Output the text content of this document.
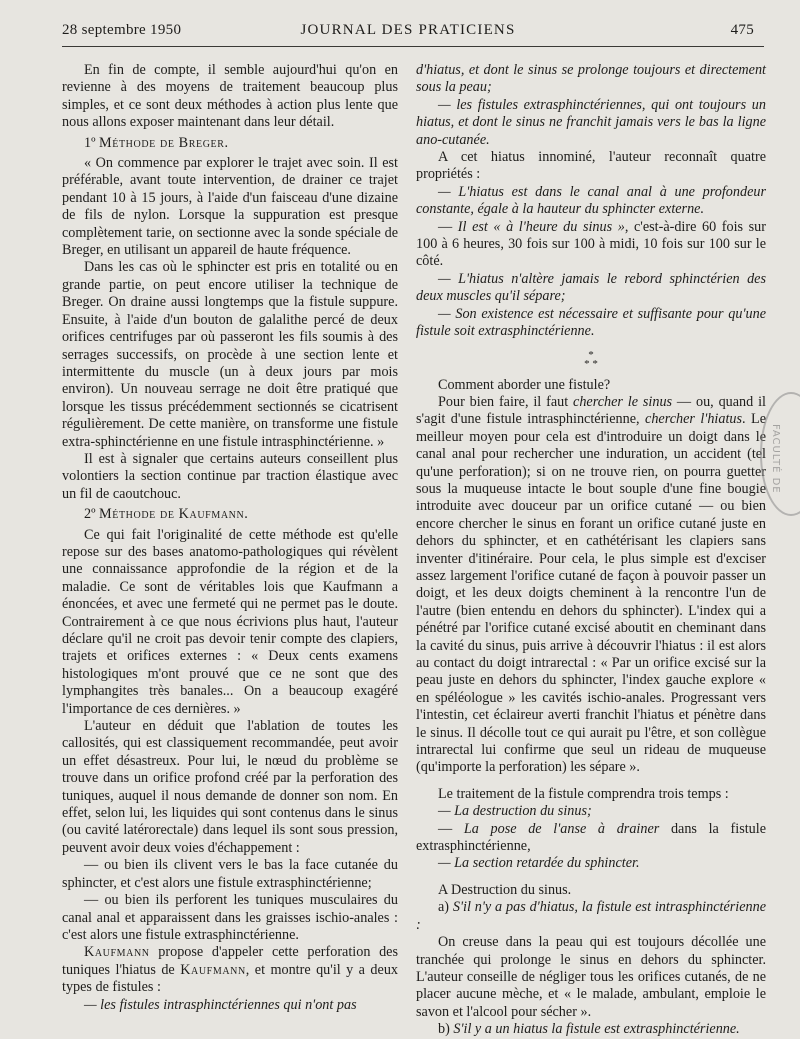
28 septembre 1950	JOURNAL DES PRATICIENS	475

En fin de compte, il semble aujourd'hui qu'on en revienne à des moyens de traitement beaucoup plus simples, et ce sont deux méthodes à action plus lente que nous allons exposer maintenant dans leur détail.

1º Méthode de Breger.

« On commence par explorer le trajet avec soin. Il est préférable, avant toute intervention, de drainer ce trajet pendant 10 à 15 jours, à l'aide d'un faisceau d'une dizaine de fils de nylon. Lorsque la suppuration est presque complètement tarie, on sectionne avec la sonde spéciale de Breger, en utilisant un appareil de haute fréquence.

Dans les cas où le sphincter est pris en totalité ou en grande partie, on peut encore utiliser la technique de Breger. On draine aussi longtemps que la fistule suppure. Ensuite, à l'aide d'un bouton de galalithe percé de deux orifices centrifuges par où passeront les fils soumis à des serrages successifs, on procède à une section lente et intermittente du muscle (un à deux jours par mois environ). Un nouveau serrage ne doit être pratiqué que lorsque les tissus précédemment sectionnés se cicatrisent régulièrement. De cette manière, on transforme une fistule extra-sphinctérienne en une fistule intrasphinctérienne. »

Il est à signaler que certains auteurs conseillent plus volontiers la section continue par traction élastique avec un fil de caoutchouc.

2º Méthode de Kaufmann.

Ce qui fait l'originalité de cette méthode est qu'elle repose sur des bases anatomo-pathologiques qui révèlent une connaissance approfondie de la région et de la maladie. Ce sont de véritables lois que Kaufmann a énoncées, et avec une fermeté qui ne permet pas le doute. Contrairement à ce que nous écrivions plus haut, l'auteur déclare qu'il ne croit pas devoir tenir compte des clapiers, trajets et orifices externes : « Deux cents examens histologiques m'ont prouvé que ce ne sont que des lymphangites très banales... On a beaucoup exagéré l'importance de ces dernières. »

L'auteur en déduit que l'ablation de toutes les callosités, qui est classiquement recommandée, peut avoir un effet désastreux. Pour lui, le nœud du problème se trouve dans un orifice profond créé par la perforation des tuniques, auquel il nous demande de donner son nom. En effet, selon lui, les liquides qui sont contenus dans le sinus (ou cavité latérorectale) dans lequel ils sont sous pression, peuvent avoir deux voies d'échappement :

— ou bien ils clivent vers le bas la face cutanée du sphincter, et c'est alors une fistule extrasphinctérienne;

— ou bien ils perforent les tuniques musculaires du canal anal et apparaissent dans les graisses ischio-anales : c'est alors une fistule extrasphinctérienne.

Kaufmann propose d'appeler cette perforation des tuniques l'hiatus de Kaufmann, et montre qu'il y a deux types de fistules :

— les fistules intrasphinctériennes qui n'ont pas

d'hiatus, et dont le sinus se prolonge toujours et directement sous la peau;

— les fistules extrasphinctériennes, qui ont toujours un hiatus, et dont le sinus ne franchit jamais vers le bas la ligne ano-cutanée.

A cet hiatus innominé, l'auteur reconnaît quatre propriétés :

— L'hiatus est dans le canal anal à une profondeur constante, égale à la hauteur du sphincter externe.

— Il est « à l'heure du sinus », c'est-à-dire 60 fois sur 100 à 6 heures, 30 fois sur 100 à midi, 10 fois sur 100 sur le côté.

— L'hiatus n'altère jamais le rebord sphinctérien des deux muscles qu'il sépare;

— Son existence est nécessaire et suffisante pour qu'une fistule soit extrasphinctérienne.

*
* *

Comment aborder une fistule?

Pour bien faire, il faut chercher le sinus — ou, quand il s'agit d'une fistule intrasphinctérienne, chercher l'hiatus. Le meilleur moyen pour cela est d'introduire un doigt dans le canal anal pour rechercher une induration, un accident (tel qu'une perforation); si on ne trouve rien, on pourra guetter sous la muqueuse intacte le bout souple d'une fine bougie introduite avec douceur par un orifice cutané — ou bien encore chercher le sinus en forant un orifice cutané juste en dehors du sphincter, et en cathétérisant les clapiers sans inventer d'itinéraire. Pour cela, le plus simple est d'exciser assez largement l'orifice cutané de façon à pouvoir passer un doigt, et les deux doigts cheminent à la rencontre l'un de l'autre (bien entendu en dehors du sphincter). L'index qui a pénétré par l'orifice cutané excisé aboutit en cheminant dans la cavité du sinus, puis arrive à découvrir l'hiatus : il est alors au contact du doigt intrarectal : « Par un orifice excisé sur la peau juste en dehors du sphincter, l'index gauche explore « en spéléologue » les cavités ischio-anales. Progressant vers l'intestin, cet éclaireur averti franchit l'hiatus et pénètre dans le sinus. Il décolle tout ce qui aurait pu l'être, et son collègue intrarectal lui confirme que seul un rideau de muqueuse (qu'importe la perforation) les sépare ».

Le traitement de la fistule comprendra trois temps :

— La destruction du sinus;

— La pose de l'anse à drainer dans la fistule extrasphinctérienne,

— La section retardée du sphincter.

A Destruction du sinus.

a) S'il n'y a pas d'hiatus, la fistule est intrasphinctérienne :

On creuse dans la peau qui est toujours décollée une tranchée qui prolonge le sinus en dehors du sphincter. L'auteur conseille de négliger tous les orifices cutanés, de ne placer aucune mèche, et « le malade, ambulant, emploie le savon et l'alcool pour sécher ».

b) S'il y a un hiatus la fistule est extrasphinctérienne.

FACULTÉ DE
